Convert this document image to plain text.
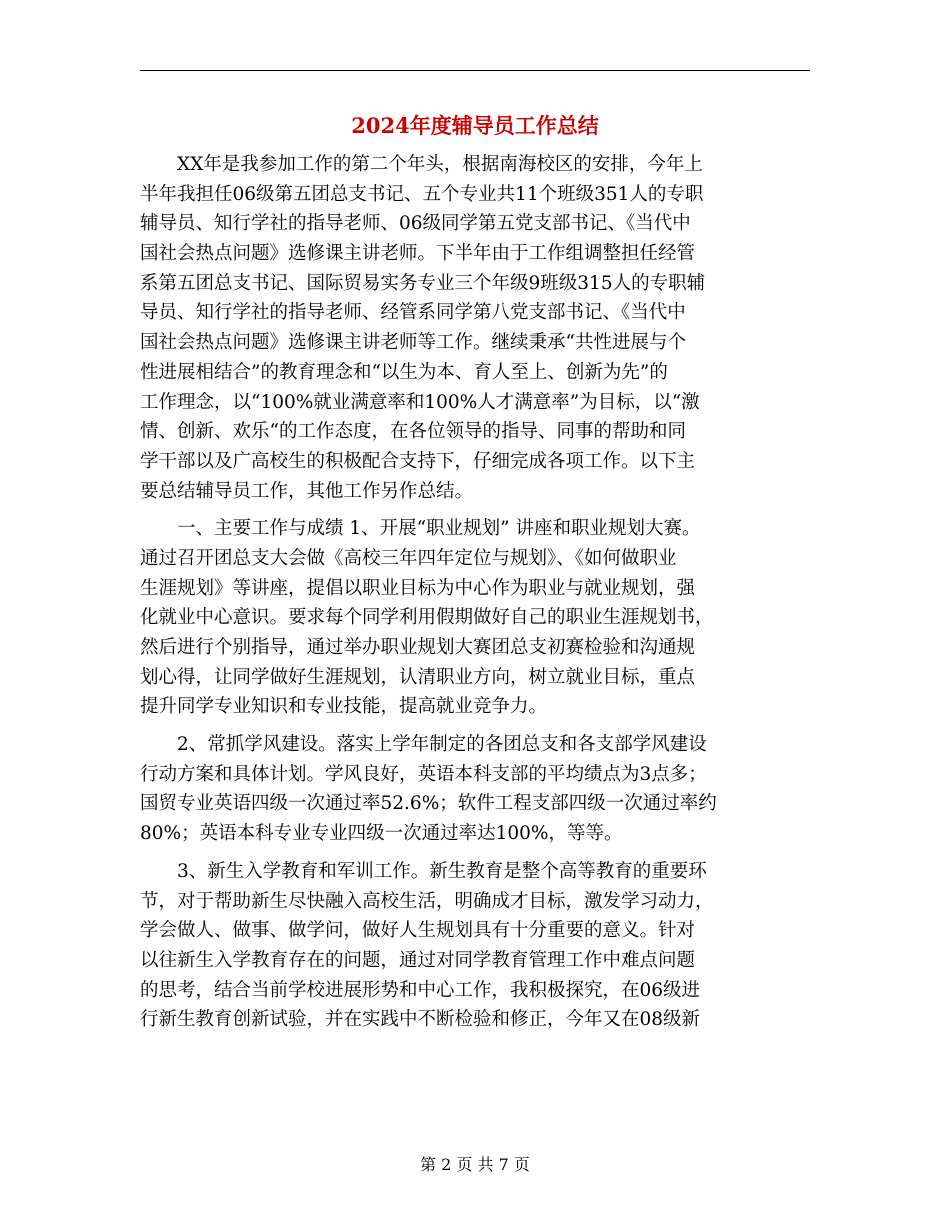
2024年度辅导员工作总结
　　XX年是我参加工作的第二个年头，根据南海校区的安排，今年上
半年我担任06级第五团总支书记、五个专业共11个班级351人的专职
辅导员、知行学社的指导老师、06级同学第五党支部书记、《当代中
国社会热点问题》选修课主讲老师。下半年由于工作组调整担任经管
系第五团总支书记、国际贸易实务专业三个年级9班级315人的专职辅
导员、知行学社的指导老师、经管系同学第八党支部书记、《当代中
国社会热点问题》选修课主讲老师等工作。继续秉承“共性进展与个
性进展相结合”的教育理念和“以生为本、育人至上、创新为先”的
工作理念，以“100%就业满意率和100%人才满意率”为目标，以“激
情、创新、欢乐“的工作态度，在各位领导的指导、同事的帮助和同
学干部以及广高校生的积极配合支持下，仔细完成各项工作。以下主
要总结辅导员工作，其他工作另作总结。
　　一、主要工作与成绩 1、开展“职业规划” 讲座和职业规划大赛。
通过召开团总支大会做《高校三年四年定位与规划》、《如何做职业
生涯规划》等讲座，提倡以职业目标为中心作为职业与就业规划，强
化就业中心意识。要求每个同学利用假期做好自己的职业生涯规划书，
然后进行个别指导，通过举办职业规划大赛团总支初赛检验和沟通规
划心得，让同学做好生涯规划，认清职业方向，树立就业目标，重点
提升同学专业知识和专业技能，提高就业竞争力。
　　2、常抓学风建设。落实上学年制定的各团总支和各支部学风建设
行动方案和具体计划。学风良好，英语本科支部的平均绩点为3点多；
国贸专业英语四级一次通过率52.6%；软件工程支部四级一次通过率约
80%；英语本科专业专业四级一次通过率达100%，等等。
　　3、新生入学教育和军训工作。新生教育是整个高等教育的重要环
节，对于帮助新生尽快融入高校生活，明确成才目标，激发学习动力，
学会做人、做事、做学问，做好人生规划具有十分重要的意义。针对
以往新生入学教育存在的问题，通过对同学教育管理工作中难点问题
的思考，结合当前学校进展形势和中心工作，我积极探究，在06级进
行新生教育创新试验，并在实践中不断检验和修正，今年又在08级新
第 2 页 共 7 页
